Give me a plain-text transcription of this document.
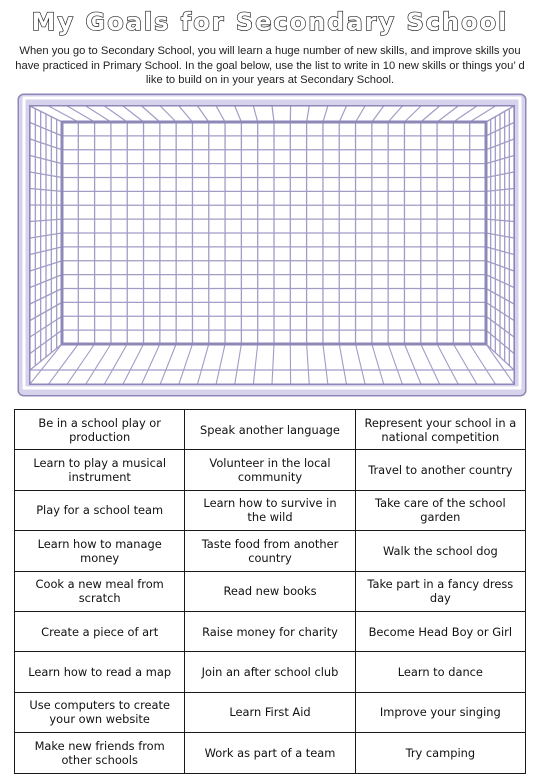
My Goals for Secondary School
When you go to Secondary School, you will learn a huge number of new skills, and improve skills you have practiced in Primary School. In the goal below, use the list to write in 10 new skills or things you’ d like to build on in your years at Secondary School.
Be in a school play or production	Speak another language	Represent your school in a national competition
Learn to play a musical instrument	Volunteer in the local community	Travel to another country
Play for a school team	Learn how to survive in the wild	Take care of the school garden
Learn how to manage money	Taste food from another country	Walk the school dog
Cook a new meal from scratch	Read new books	Take part in a fancy dress day
Create a piece of art	Raise money for charity	Become Head Boy or Girl
Learn how to read a map	Join an after school club	Learn to dance
Use computers to create your own website	Learn First Aid	Improve your singing
Make new friends from other schools	Work as part of a team	Try camping
